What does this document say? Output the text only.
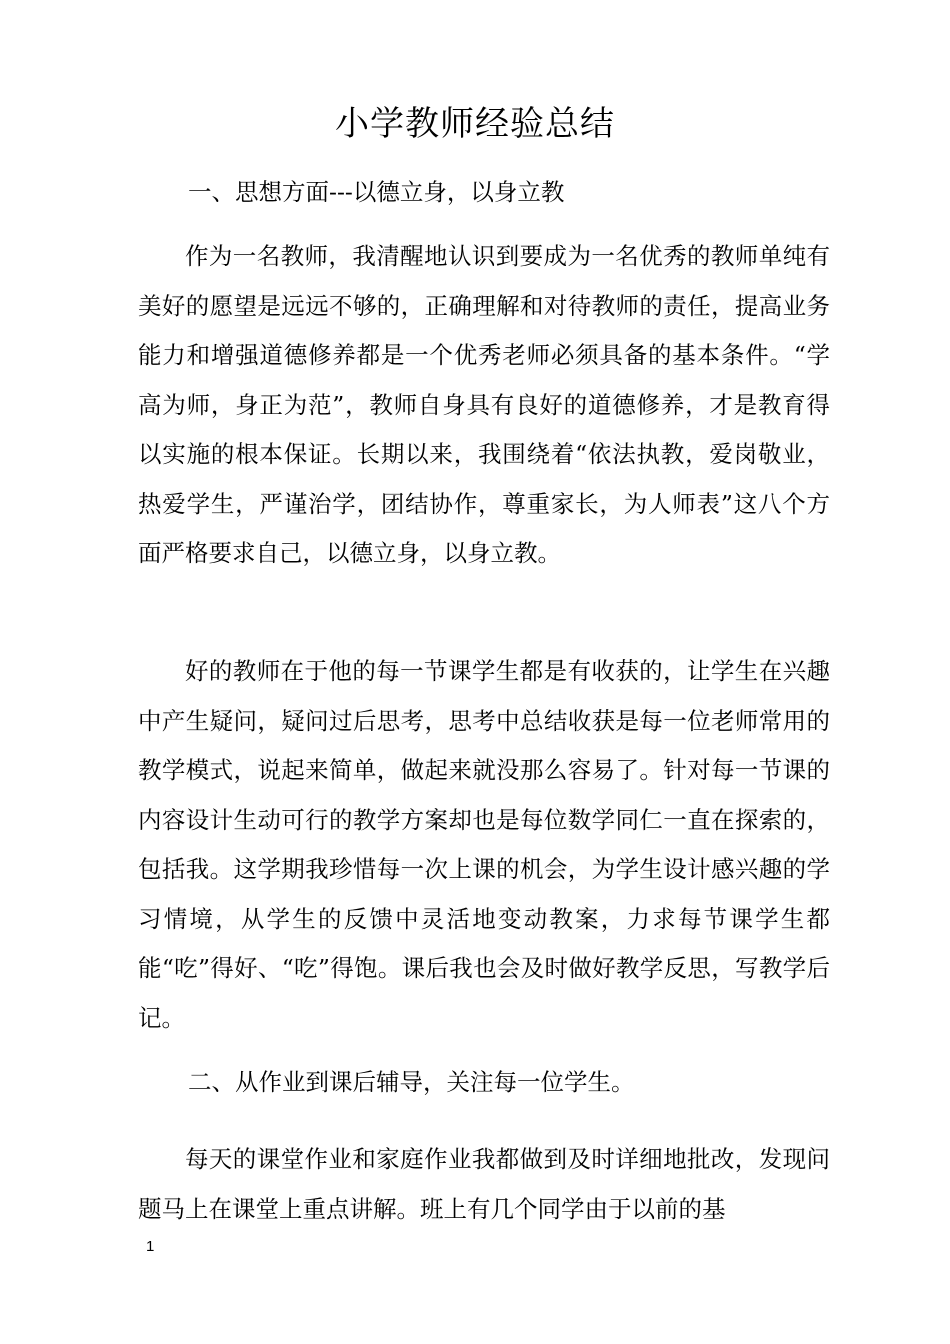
小学教师经验总结
一、思想方面---以德立身，以身立教

作为一名教师，我清醒地认识到要成为一名优秀的教师单纯有美好的愿望是远远不够的，正确理解和对待教师的责任，提高业务能力和增强道德修养都是一个优秀老师必须具备的基本条件。“学高为师，身正为范”，教师自身具有良好的道德修养，才是教育得以实施的根本保证。长期以来，我围绕着“依法执教，爱岗敬业，热爱学生，严谨治学，团结协作，尊重家长，为人师表”这八个方面严格要求自己，以德立身，以身立教。

好的教师在于他的每一节课学生都是有收获的，让学生在兴趣中产生疑问，疑问过后思考，思考中总结收获是每一位老师常用的教学模式，说起来简单，做起来就没那么容易了。针对每一节课的内容设计生动可行的教学方案却也是每位数学同仁一直在探索的，包括我。这学期我珍惜每一次上课的机会，为学生设计感兴趣的学习情境，从学生的反馈中灵活地变动教案，力求每节课学生都能“吃”得好、“吃”得饱。课后我也会及时做好教学反思，写教学后记。

二、从作业到课后辅导，关注每一位学生。

每天的课堂作业和家庭作业我都做到及时详细地批改，发现问题马上在课堂上重点讲解。班上有几个同学由于以前的基

1
